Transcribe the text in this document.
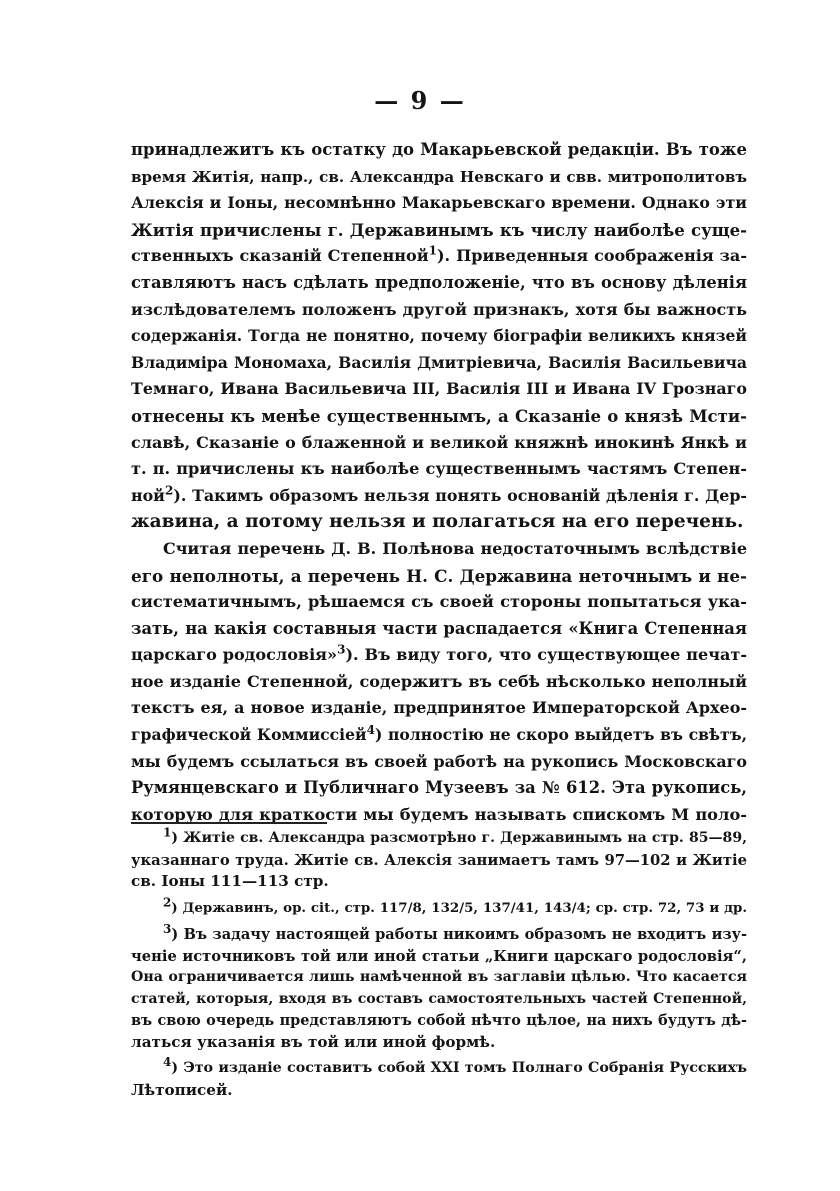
— 9 —
принадлежитъ къ остатку до Макарьевской редакціи. Въ тоже
время Житія, напр., св. Александра Невскаго и свв. митрополитовъ
Алексія и Іоны, несомнѣнно Макарьевскаго времени. Однако эти
Житія причислены г. Державинымъ къ числу наиболѣе суще-
ственныхъ сказаній Степенной$^1$). Приведенныя соображенія за-
ставляютъ насъ сдѣлать предположеніе, что въ основу дѣленія
изслѣдователемъ положенъ другой признакъ, хотя бы важность
содержанія. Тогда не понятно, почему біографіи великихъ князей
Владиміра Мономаха, Василія Дмитріевича, Василія Васильевича
Темнаго, Ивана Васильевича III, Василія III и Ивана IV Грознаго
отнесены къ менѣе существеннымъ, а Сказаніе о князѣ Мсти-
славѣ, Сказаніе о блаженной и великой княжнѣ инокинѣ Янкѣ и
т. п. причислены къ наиболѣе существеннымъ частямъ Степен-
ной$^2$). Такимъ образомъ нельзя понять основаній дѣленія г. Дер-
жавина, а потому нельзя и полагаться на его перечень.
Считая перечень Д. В. Полѣнова недостаточнымъ вслѣдствіе
его неполноты, а перечень Н. С. Державина неточнымъ и не-
систематичнымъ, рѣшаемся съ своей стороны попытаться ука-
зать, на какія составныя части распадается «Книга Степенная
царскаго родословія»$^3$). Въ виду того, что существующее печат-
ное изданіе Степенной, содержитъ въ себѣ нѣсколько неполный
текстъ ея, а новое изданіе, предпринятое Императорской Архео-
графической Коммиссіей$^4$) полностію не скоро выйдетъ въ свѣтъ,
мы будемъ ссылаться въ своей работѣ на рукопись Московскаго
Румянцевскаго и Публичнаго Музеевъ за № 612. Эта рукопись,
которую для краткости мы будемъ называть спискомъ М поло-
1) Житіе св. Александра разсмотрѣно г. Державинымъ на стр. 85—89,
указаннаго труда. Житіе св. Алексія занимаетъ тамъ 97—102 и Житіе
св. Іоны 111—113 стр.
2) Державинъ, op. cit., стр. 117/8, 132/5, 137/41, 143/4; ср. стр. 72, 73 и др.
$^3$) Въ задачу настоящей работы никоимъ образомъ не входитъ изу-
ченіе источниковъ той или иной статьи „Книги царскаго родословія“,
Она ограничивается лишь намѣченной въ заглавіи цѣлью. Что касается
статей, которыя, входя въ составъ самостоятельныхъ частей Степенной,
въ свою очередь представляютъ собой нѣчто цѣлое, на нихъ будутъ дѣ-
латься указанія въ той или иной формѣ.
$^4$) Это изданіе составитъ собой XXI томъ Полнаго Собранія Русскихъ
Лѣтописей.
